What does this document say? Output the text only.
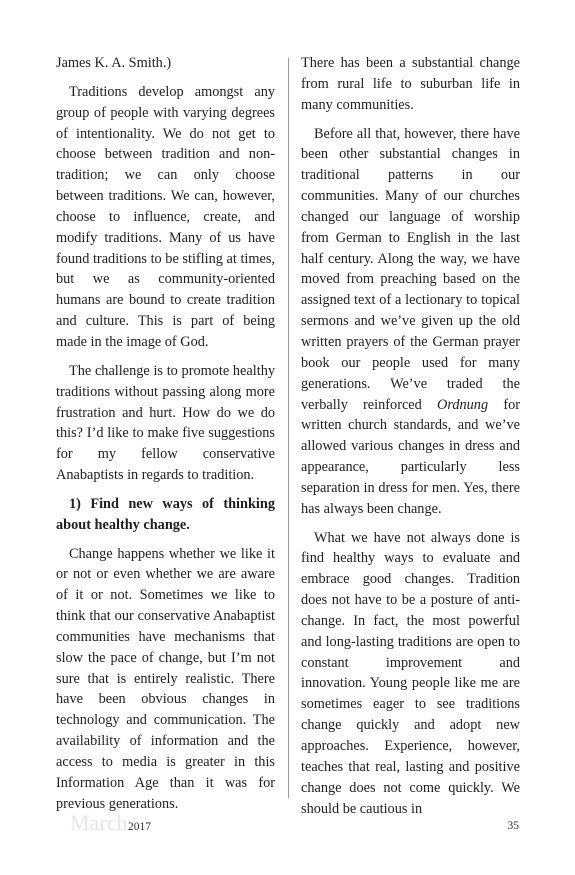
James K. A. Smith.)

Traditions develop amongst any group of people with varying degrees of intentionality. We do not get to choose between tradition and non-tradition; we can only choose between traditions. We can, however, choose to influence, create, and modify traditions. Many of us have found traditions to be stifling at times, but we as community-oriented humans are bound to create tradition and culture. This is part of being made in the image of God.

The challenge is to promote healthy traditions without passing along more frustration and hurt. How do we do this? I’d like to make five suggestions for my fellow conservative Anabaptists in regards to tradition.

1) Find new ways of thinking about healthy change.

Change happens whether we like it or not or even whether we are aware of it or not. Sometimes we like to think that our conservative Anabaptist communities have mechanisms that slow the pace of change, but I’m not sure that is entirely realistic. There have been obvious changes in technology and communication. The availability of information and the access to media is greater in this Information Age than it was for previous generations.

There has been a substantial change from rural life to suburban life in many communities.

Before all that, however, there have been other substantial changes in traditional patterns in our communities. Many of our churches changed our language of worship from German to English in the last half century. Along the way, we have moved from preaching based on the assigned text of a lectionary to topical sermons and we’ve given up the old written prayers of the German prayer book our people used for many generations. We’ve traded the verbally reinforced Ordnung for written church standards, and we’ve allowed various changes in dress and appearance, particularly less separation in dress for men. Yes, there has always been change.

What we have not always done is find healthy ways to evaluate and embrace good changes. Tradition does not have to be a posture of anti-change. In fact, the most powerful and long-lasting traditions are open to constant improvement and innovation. Young people like me are sometimes eager to see traditions change quickly and adopt new approaches. Experience, however, teaches that real, lasting and positive change does not come quickly. We should be cautious in

March 2017	35
